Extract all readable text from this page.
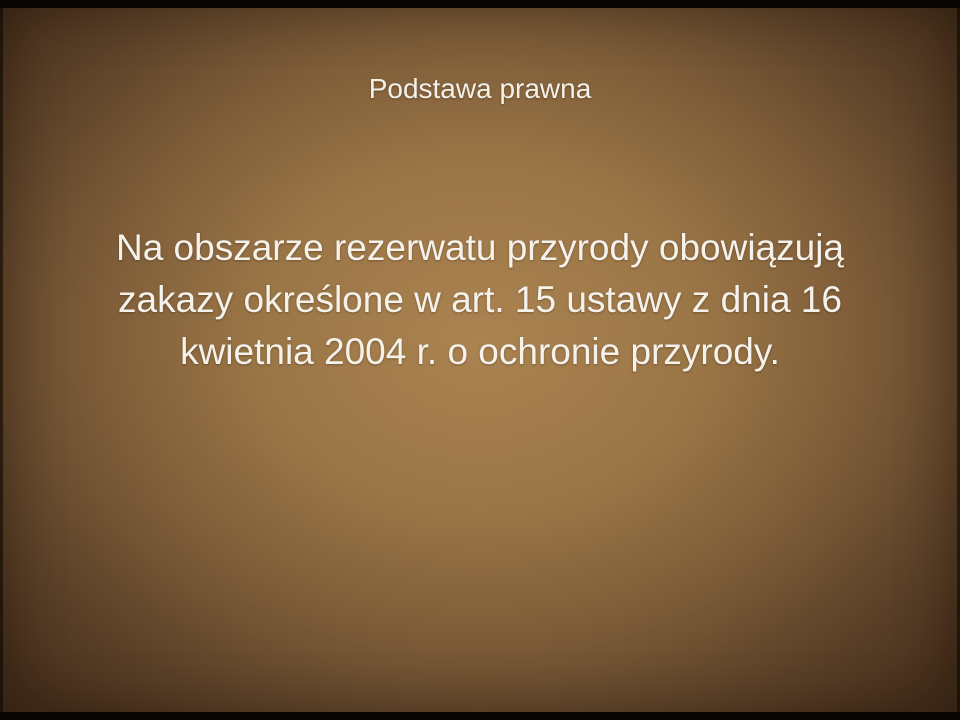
Podstawa prawna
Na obszarze rezerwatu przyrody obowiązują
zakazy określone w art. 15 ustawy z dnia 16
kwietnia 2004 r. o ochronie przyrody.
